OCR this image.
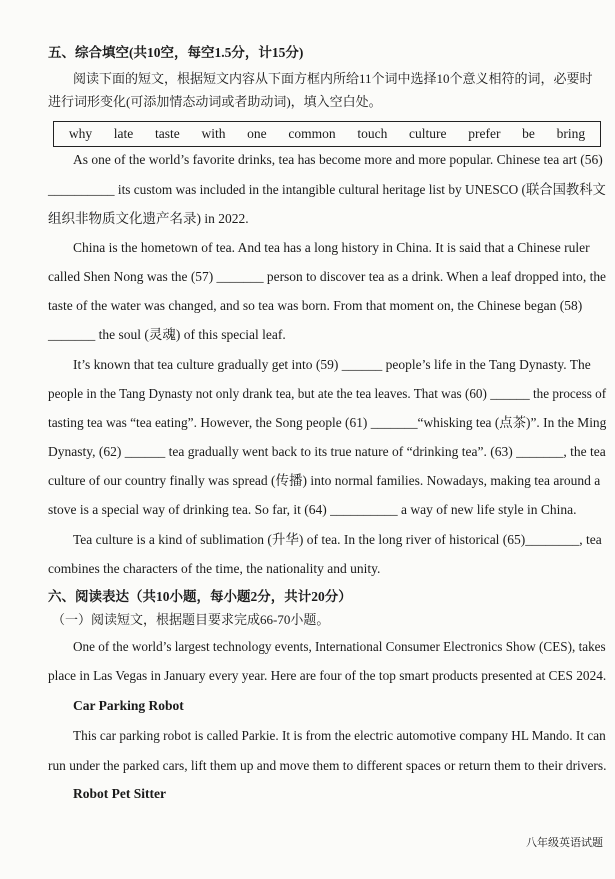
五、综合填空(共10空，每空1.5分，计15分)
阅读下面的短文，根据短文内容从下面方框内所给11个词中选择10个意义相符的词，必要时
进行词形变化(可添加情态动词或者助动词)，填入空白处。
why late taste with one common touch culture prefer be bring
As one of the world’s favorite drinks, tea has become more and more popular. Chinese tea art (56)
__________ its custom was included in the intangible cultural heritage list by UNESCO (联合国教科文
组织非物质文化遗产名录) in 2022.
China is the hometown of tea. And tea has a long history in China. It is said that a Chinese ruler
called Shen Nong was the (57) _______ person to discover tea as a drink. When a leaf dropped into, the
taste of the water was changed, and so tea was born. From that moment on, the Chinese began (58)
_______ the soul (灵魂) of this special leaf.
It’s known that tea culture gradually get into (59) ______ people’s life in the Tang Dynasty. The
people in the Tang Dynasty not only drank tea, but ate the tea leaves. That was (60) ______ the process of
tasting tea was “tea eating”. However, the Song people (61) _______“whisking tea (点茶)”. In the Ming
Dynasty, (62) ______ tea gradually went back to its true nature of “drinking tea”. (63) _______, the tea
culture of our country finally was spread (传播) into normal families. Nowadays, making tea around a
stove is a special way of drinking tea. So far, it (64) __________ a way of new life style in China.
Tea culture is a kind of sublimation (升华) of tea. In the long river of historical (65)________, tea
combines the characters of the time, the nationality and unity.
六、阅读表达（共10小题，每小题2分，共计20分）
（一）阅读短文，根据题目要求完成66-70小题。
One of the world’s largest technology events, International Consumer Electronics Show (CES), takes
place in Las Vegas in January every year. Here are four of the top smart products presented at CES 2024.
Car Parking Robot
This car parking robot is called Parkie. It is from the electric automotive company HL Mando. It can
run under the parked cars, lift them up and move them to different spaces or return them to their drivers.
Robot Pet Sitter
八年级英语试题
